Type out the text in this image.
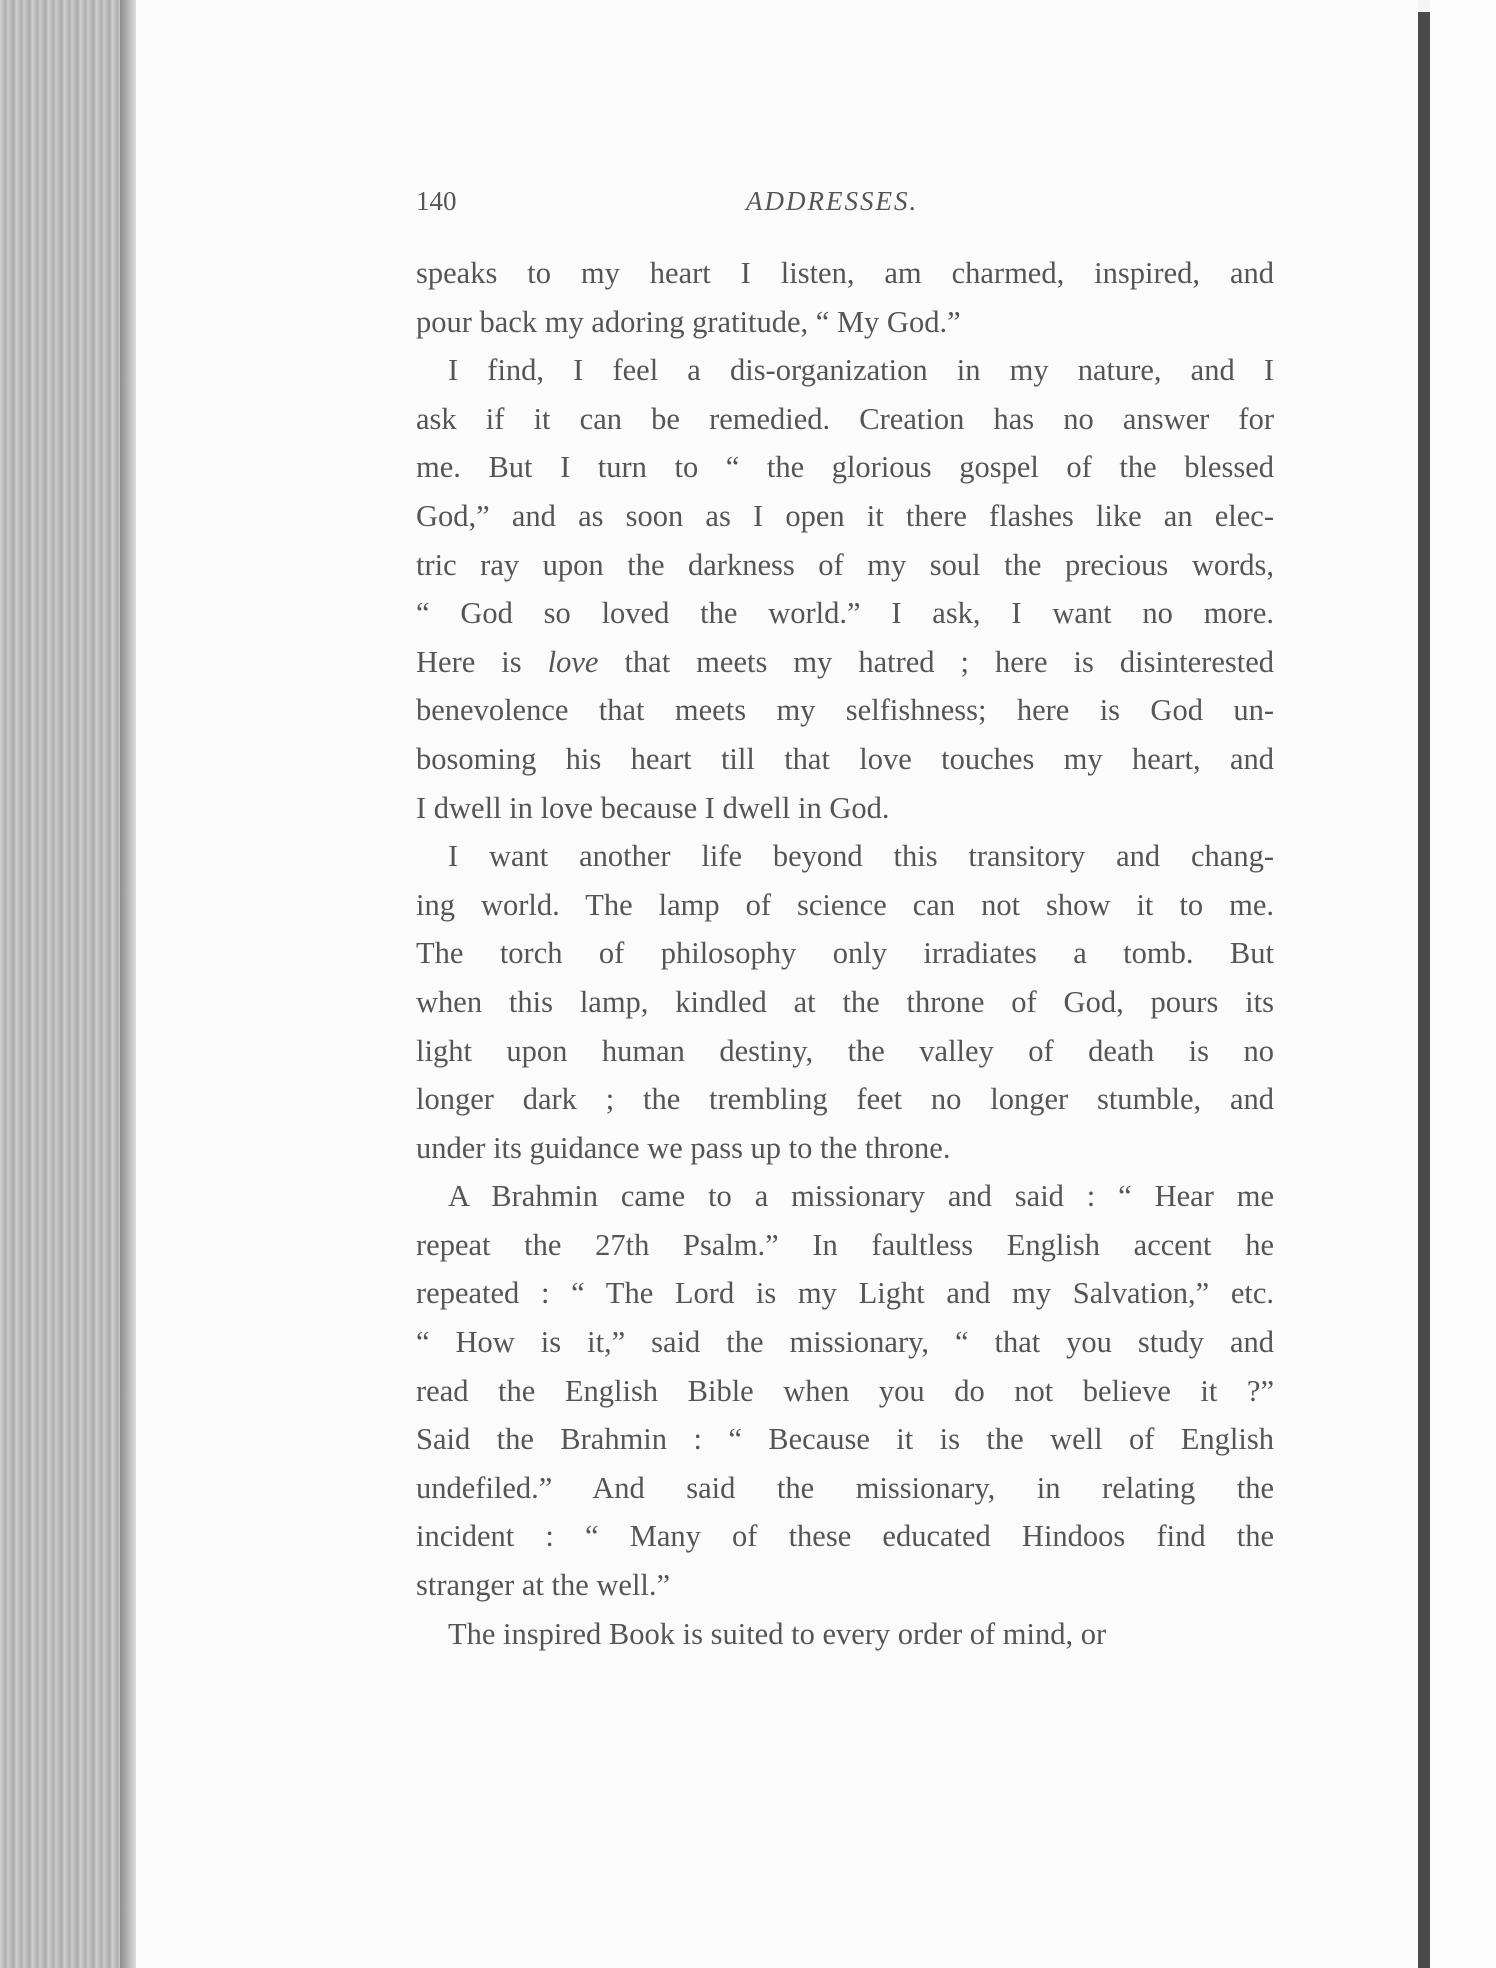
140	ADDRESSES.
speaks to my heart I listen, am charmed, inspired, and
pour back my adoring gratitude, “ My God.”
I find, I feel a dis-organization in my nature, and I
ask if it can be remedied. Creation has no answer for
me. But I turn to “ the glorious gospel of the blessed
God,” and as soon as I open it there flashes like an elec-
tric ray upon the darkness of my soul the precious words,
“ God so loved the world.” I ask, I want no more.
Here is love that meets my hatred ; here is disinterested
benevolence that meets my selfishness; here is God un-
bosoming his heart till that love touches my heart, and
I dwell in love because I dwell in God.
I want another life beyond this transitory and chang-
ing world. The lamp of science can not show it to me.
The torch of philosophy only irradiates a tomb. But
when this lamp, kindled at the throne of God, pours its
light upon human destiny, the valley of death is no
longer dark ; the trembling feet no longer stumble, and
under its guidance we pass up to the throne.
A Brahmin came to a missionary and said : “ Hear me
repeat the 27th Psalm.” In faultless English accent he
repeated : “ The Lord is my Light and my Salvation,” etc.
“ How is it,” said the missionary, “ that you study and
read the English Bible when you do not believe it ?”
Said the Brahmin : “ Because it is the well of English
undefiled.” And said the missionary, in relating the
incident : “ Many of these educated Hindoos find the
stranger at the well.”
The inspired Book is suited to every order of mind, or
